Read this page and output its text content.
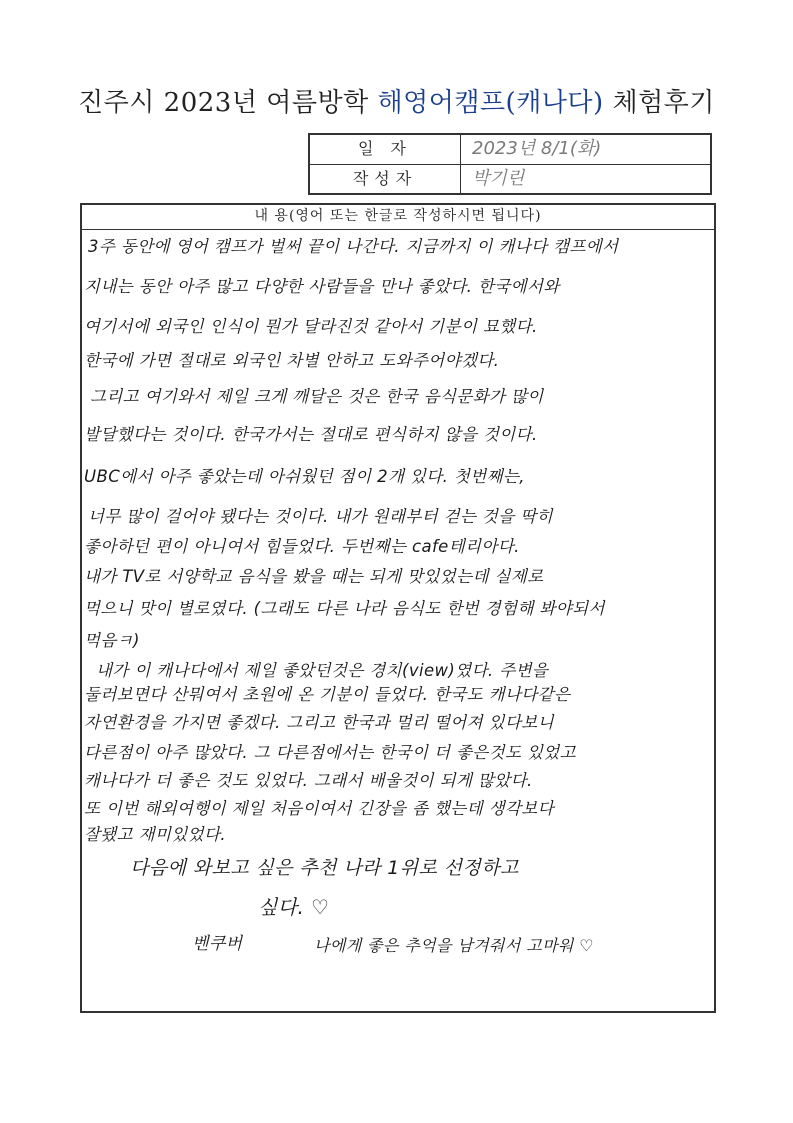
진주시 2023년 여름방학 해영어캠프(캐나다) 체험후기
일 자	2023년 8/1(화)
작성자	박기린
내 용(영어 또는 한글로 작성하시면 됩니다)
3주 동안에 영어 캠프가 벌써 끝이 나간다. 지금까지 이 캐나다 캠프에서
지내는 동안 아주 많고 다양한 사람들을 만나 좋았다. 한국에서와
여기서에 외국인 인식이 뭔가 달라진것 같아서 기분이 묘했다.
한국에 가면 절대로 외국인 차별 안하고 도와주어야겠다.
그리고 여기와서 제일 크게 깨달은 것은 한국 음식문화가 많이
발달했다는 것이다. 한국가서는 절대로 편식하지 않을 것이다.
UBC에서 아주 좋았는데 아쉬웠던 점이 2개 있다. 첫번째는,
너무 많이 걸어야 됐다는 것이다. 내가 원래부터 걷는 것을 딱히
좋아하던 편이 아니여서 힘들었다. 두번째는 cafe테리아다.
내가 TV로 서양학교 음식을 봤을 때는 되게 맛있었는데 실제로
먹으니 맛이 별로였다. (그래도 다른 나라 음식도 한번 경험해 봐야되서
먹음ㅋ)
내가 이 캐나다에서 제일 좋았던것은 경치(view)였다. 주변을
둘러보면다 산뭐여서 초원에 온 기분이 들었다. 한국도 캐나다같은
자연환경을 가지면 좋겠다. 그리고 한국과 멀리 떨어져 있다보니
다른점이 아주 많았다. 그 다른점에서는 한국이 더 좋은것도 있었고
캐나다가 더 좋은 것도 있었다. 그래서 배울것이 되게 많았다.
또 이번 해외여행이 제일 처음이여서 긴장을 좀 했는데 생각보다
잘됐고 재미있었다.
다음에 와보고 싶은 추천 나라 1위로 선정하고
싶다. ♡
벤쿠버	나에게 좋은 추억을 남겨줘서 고마워 ♡
